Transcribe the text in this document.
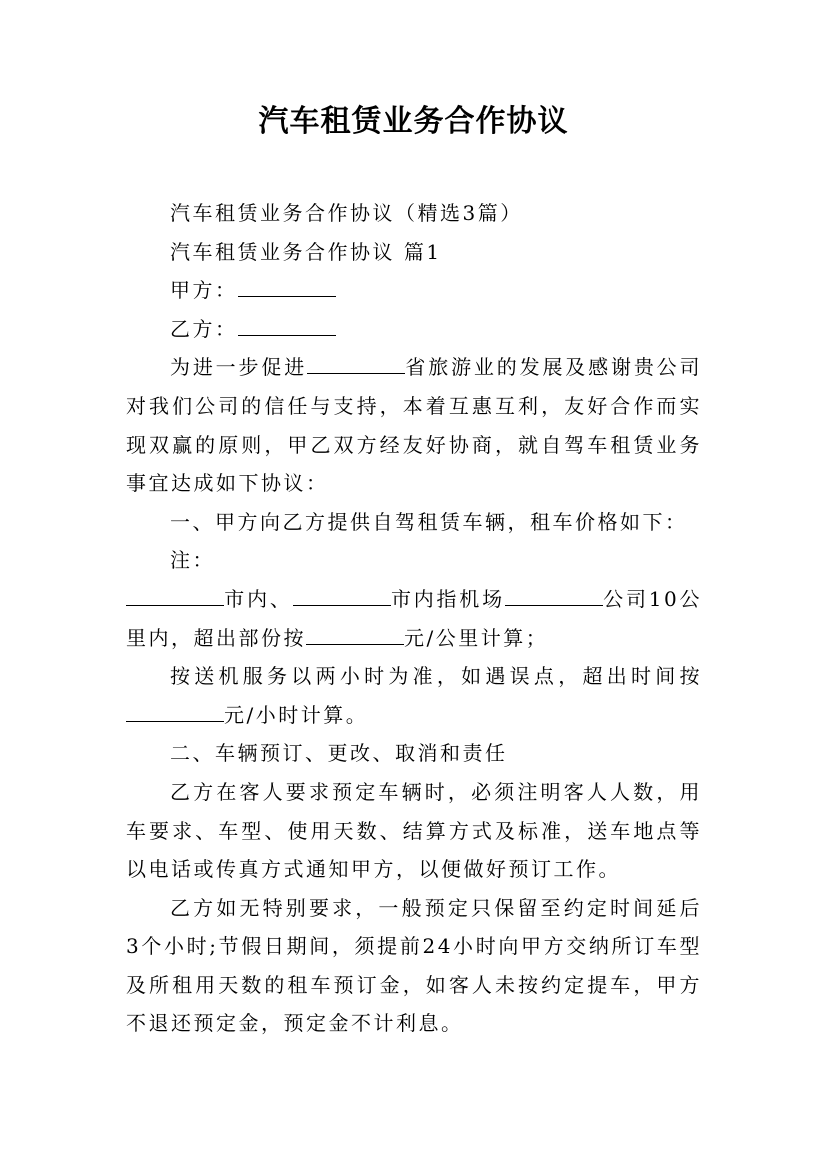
汽车租赁业务合作协议

汽车租赁业务合作协议（精选3篇）

汽车租赁业务合作协议 篇1

甲方：

乙方：

为进一步促进	省旅游业的发展及感谢贵公司对我们公司的信任与支持，本着互惠互利，友好合作而实现双赢的原则，甲乙双方经友好协商，就自驾车租赁业务事宜达成如下协议：

一、甲方向乙方提供自驾租赁车辆，租车价格如下：

注：

市内、	市内指机场	公司10公里内，超出部份按	元/公里计算；

按送机服务以两小时为准，如遇误点，超出时间按元/小时计算。

二、车辆预订、更改、取消和责任

乙方在客人要求预定车辆时，必须注明客人人数，用车要求、车型、使用天数、结算方式及标准，送车地点等以电话或传真方式通知甲方，以便做好预订工作。

乙方如无特别要求，一般预定只保留至约定时间延后3个小时;节假日期间，须提前24小时向甲方交纳所订车型及所租用天数的租车预订金，如客人未按约定提车，甲方不退还预定金，预定金不计利息。
